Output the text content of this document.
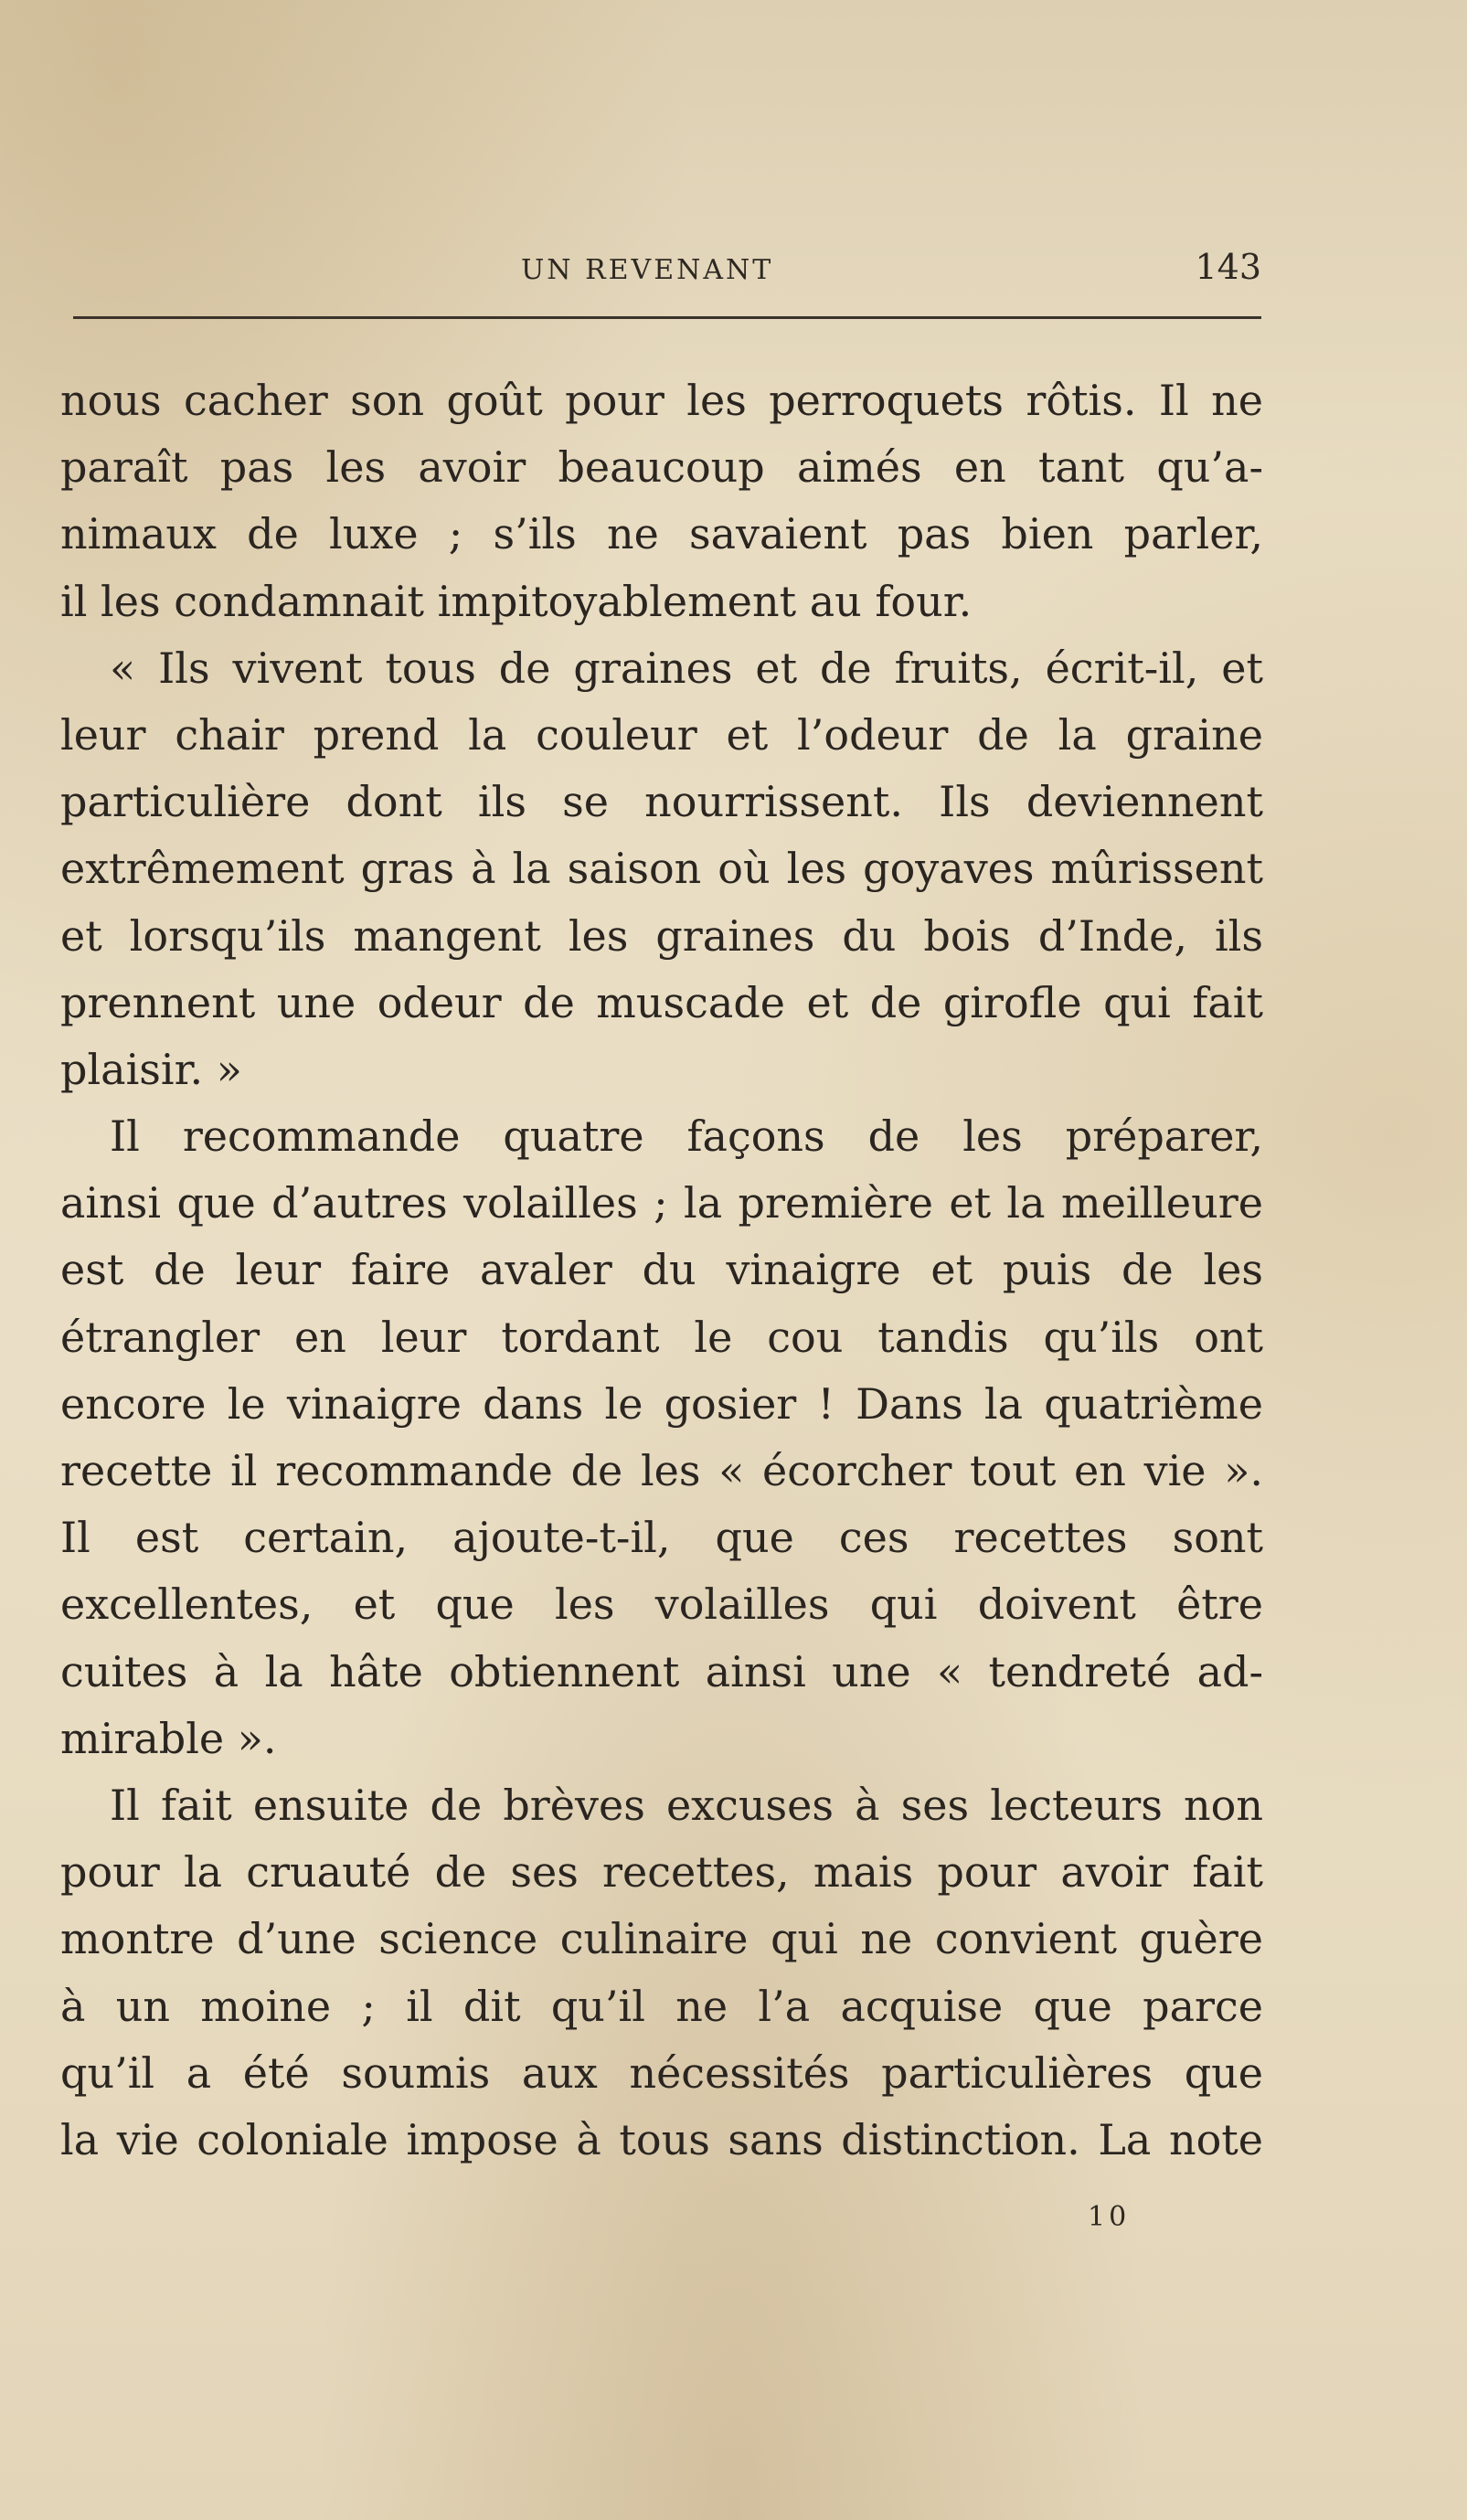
UN REVENANT	143
nous cacher son goût pour les perroquets rôtis. Il ne
paraît pas les avoir beaucoup aimés en tant qu’a-
nimaux de luxe ; s’ils ne savaient pas bien parler,
il les condamnait impitoyablement au four.
« Ils vivent tous de graines et de fruits, écrit-il, et
leur chair prend la couleur et l’odeur de la graine
particulière dont ils se nourrissent. Ils deviennent
extrêmement gras à la saison où les goyaves mûrissent
et lorsqu’ils mangent les graines du bois d’Inde, ils
prennent une odeur de muscade et de girofle qui fait
plaisir. »
Il recommande quatre façons de les préparer,
ainsi que d’autres volailles ; la première et la meilleure
est de leur faire avaler du vinaigre et puis de les
étrangler en leur tordant le cou tandis qu’ils ont
encore le vinaigre dans le gosier ! Dans la quatrième
recette il recommande de les « écorcher tout en vie ».
Il est certain, ajoute-t-il, que ces recettes sont
excellentes, et que les volailles qui doivent être
cuites à la hâte obtiennent ainsi une « tendreté ad-
mirable ».
Il fait ensuite de brèves excuses à ses lecteurs non
pour la cruauté de ses recettes, mais pour avoir fait
montre d’une science culinaire qui ne convient guère
à un moine ; il dit qu’il ne l’a acquise que parce
qu’il a été soumis aux nécessités particulières que
la vie coloniale impose à tous sans distinction. La note
10
